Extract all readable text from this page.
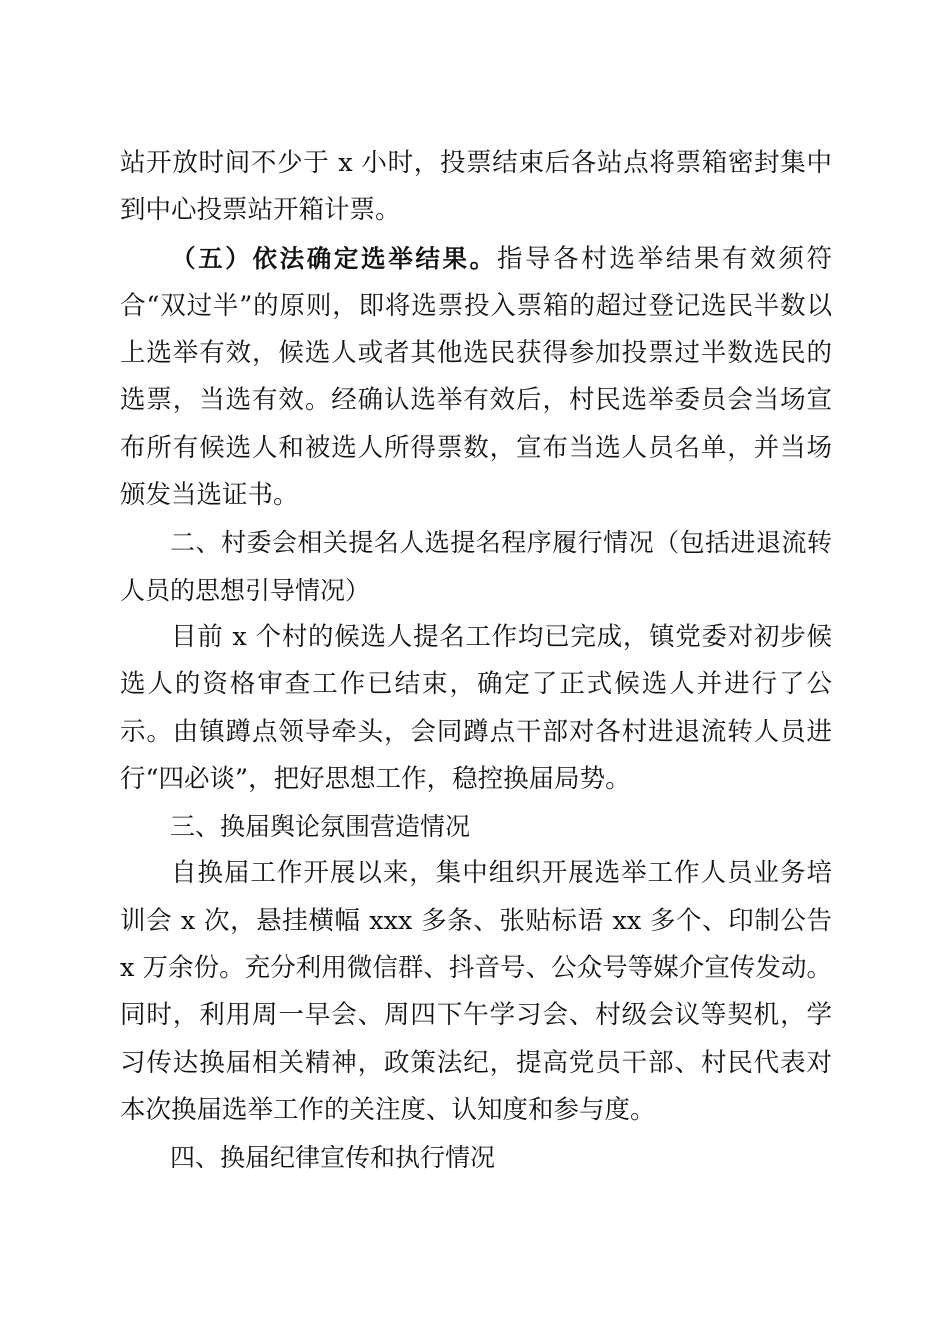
站开放时间不少于 x 小时，投票结束后各站点将票箱密封集中到中心投票站开箱计票。

（五）依法确定选举结果。指导各村选举结果有效须符合“双过半”的原则，即将选票投入票箱的超过登记选民半数以上选举有效，候选人或者其他选民获得参加投票过半数选民的选票，当选有效。经确认选举有效后，村民选举委员会当场宣布所有候选人和被选人所得票数，宣布当选人员名单，并当场颁发当选证书。

二、村委会相关提名人选提名程序履行情况（包括进退流转人员的思想引导情况）

目前 x 个村的候选人提名工作均已完成，镇党委对初步候选人的资格审查工作已结束，确定了正式候选人并进行了公示。由镇蹲点领导牵头，会同蹲点干部对各村进退流转人员进行“四必谈”，把好思想工作，稳控换届局势。

三、换届舆论氛围营造情况

自换届工作开展以来，集中组织开展选举工作人员业务培训会 x 次，悬挂横幅 xxx 多条、张贴标语 xx 多个、印制公告 x 万余份。充分利用微信群、抖音号、公众号等媒介宣传发动。同时，利用周一早会、周四下午学习会、村级会议等契机，学习传达换届相关精神，政策法纪，提高党员干部、村民代表对本次换届选举工作的关注度、认知度和参与度。

四、换届纪律宣传和执行情况
